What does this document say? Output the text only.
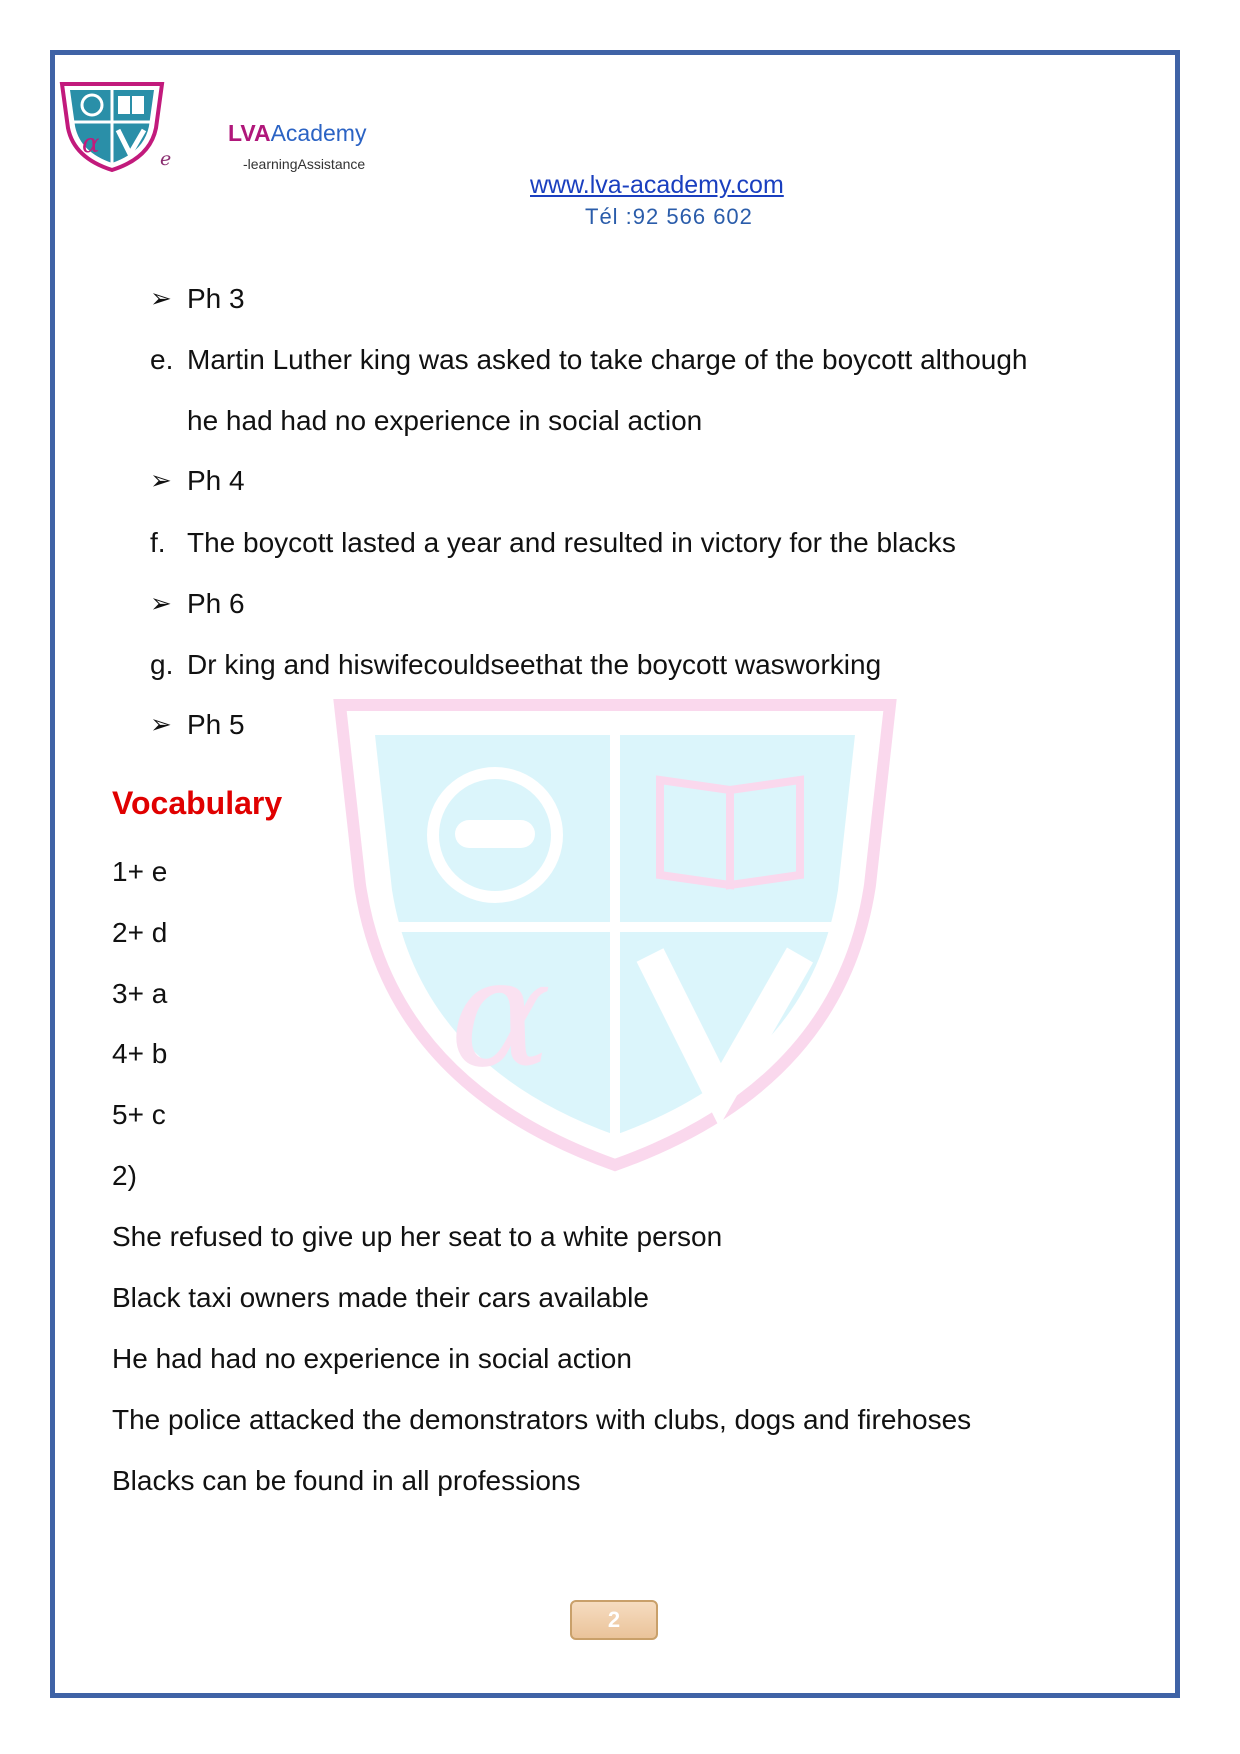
α	e
LVAAcademy
-learningAssistance
www.lva-academy.com
Tél :92 566 602
α
➢ Ph 3
e. Martin Luther king was asked to take charge of the boycott although
he had had no experience in social action
➢ Ph 4
f. The boycott lasted a year and resulted in victory for the blacks
➢ Ph 6
g. Dr king and hiswifecouldseethat the boycott wasworking
➢ Ph 5
Vocabulary
1+ e
2+ d
3+ a
4+ b
5+ c
2)
She refused to give up her seat to a white person
Black taxi owners made their cars available
He had had no experience in social action
The police attacked the demonstrators with clubs, dogs and firehoses
Blacks can be found in all professions
2
